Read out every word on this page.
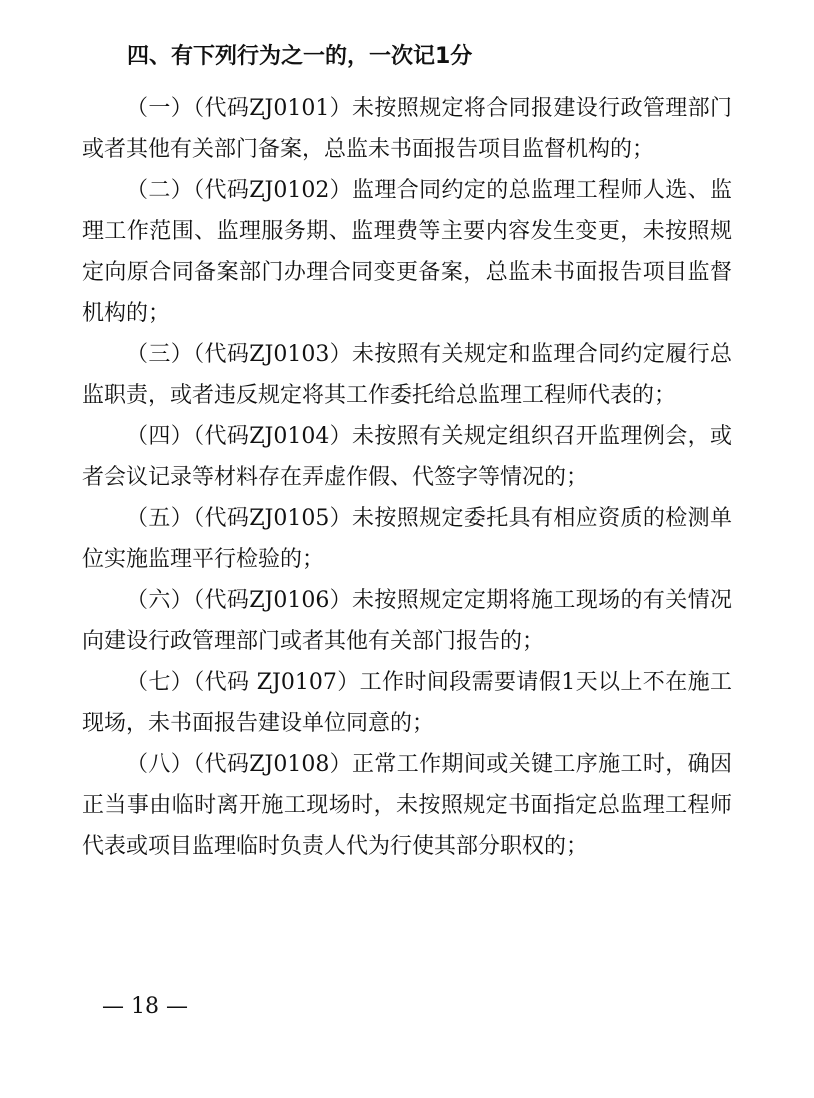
四、有下列行为之一的，一次记1分

（一）（代码ZJ0101）未按照规定将合同报建设行政管理部门或者其他有关部门备案，总监未书面报告项目监督机构的；

（二）（代码ZJ0102）监理合同约定的总监理工程师人选、监理工作范围、监理服务期、监理费等主要内容发生变更，未按照规定向原合同备案部门办理合同变更备案，总监未书面报告项目监督机构的；

（三）（代码ZJ0103）未按照有关规定和监理合同约定履行总监职责，或者违反规定将其工作委托给总监理工程师代表的；

（四）（代码ZJ0104）未按照有关规定组织召开监理例会，或者会议记录等材料存在弄虚作假、代签字等情况的；

（五）（代码ZJ0105）未按照规定委托具有相应资质的检测单位实施监理平行检验的；

（六）（代码ZJ0106）未按照规定定期将施工现场的有关情况向建设行政管理部门或者其他有关部门报告的；

（七）（代码 ZJ0107）工作时间段需要请假1天以上不在施工现场，未书面报告建设单位同意的；

（八）（代码ZJ0108）正常工作期间或关键工序施工时，确因正当事由临时离开施工现场时，未按照规定书面指定总监理工程师代表或项目监理临时负责人代为行使其部分职权的；

— 18 —
